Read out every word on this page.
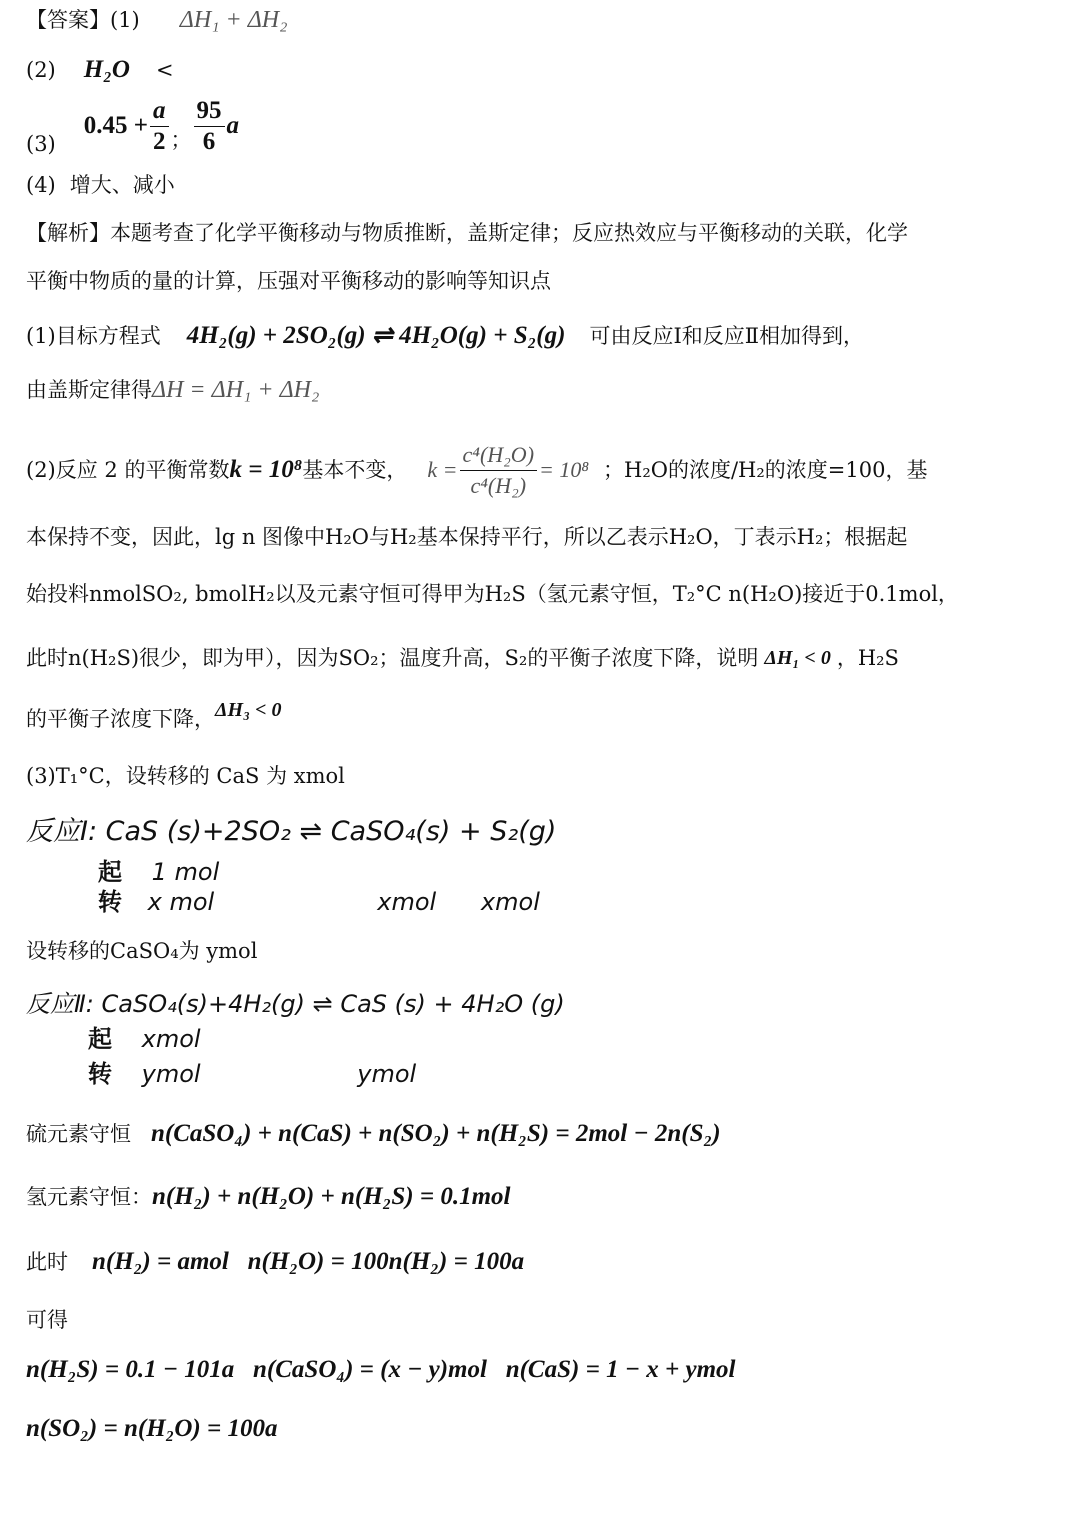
【答案】 (1) ΔH₁ + ΔH₂
(2) H₂O <
(3)
$0.45 + \frac{a}{2}$ ； $\frac{95}{6}$ a
(4) 增大、减小
【解析】本题考查了化学平衡移动与物质推断，盖斯定律；反应热效应与平衡移动的关联，化学
平衡中物质的量的计算，压强对平衡移动的影响等知识点
(1)目标方程式 4H₂(g) + 2SO₂(g) ⇌ 4H₂O(g) + S₂(g) 可由反应Ⅰ和反应Ⅱ相加得到，
由盖斯定律得 ΔH = ΔH₁ + ΔH₂
(2)反应 2 的平衡常数 k = 10⁸ 基本不变， $k = \frac{\text{c⁴(H₂O)}}{\text{c⁴(H₂)}} = 10^8$ ；H₂O的浓度/H₂的浓度=100，基
本保持不变，因此，lg n 图像中H₂O与H₂基本保持平行，所以乙表示H₂O，丁表示H₂；根据起
始投料nmolSO₂, bmolH₂以及元素守恒可得甲为H₂S（氢元素守恒，T₂°C n(H₂O)接近于0.1mol，
此时n(H₂S)很少，即为甲），因为SO₂；温度升高，S₂的平衡子浓度下降，说明 ΔH₁ < 0 ，H₂S
的平衡子浓度下降， ΔH₃ < 0
(3)T₁°C，设转移的 CaS 为 xmol
反应Ⅰ: CaS (s)+2SO₂ ⇌ CaSO₄(s) + S₂(g)
起 1 mol
转 x mol	xmol xmol
设转移的CaSO₄为 ymol
反应Ⅱ: CaSO₄(s)+4H₂(g) ⇌ CaS (s) + 4H₂O (g)
起 xmol
转 ymol	ymol
硫元素守恒 n(CaSO₄) + n(CaS) + n(SO₂) + n(H₂S) = 2mol − 2n(S₂)
氢元素守恒： n(H₂) + n(H₂O) + n(H₂S) = 0.1mol
此时 n(H₂) = amol   n(H₂O) = 100n(H₂) = 100a
可得
n(H₂S) = 0.1 − 101a   n(CaSO₄) = (x − y)mol   n(CaS) = 1 − x + ymol
n(SO₂) = n(H₂O) = 100a
